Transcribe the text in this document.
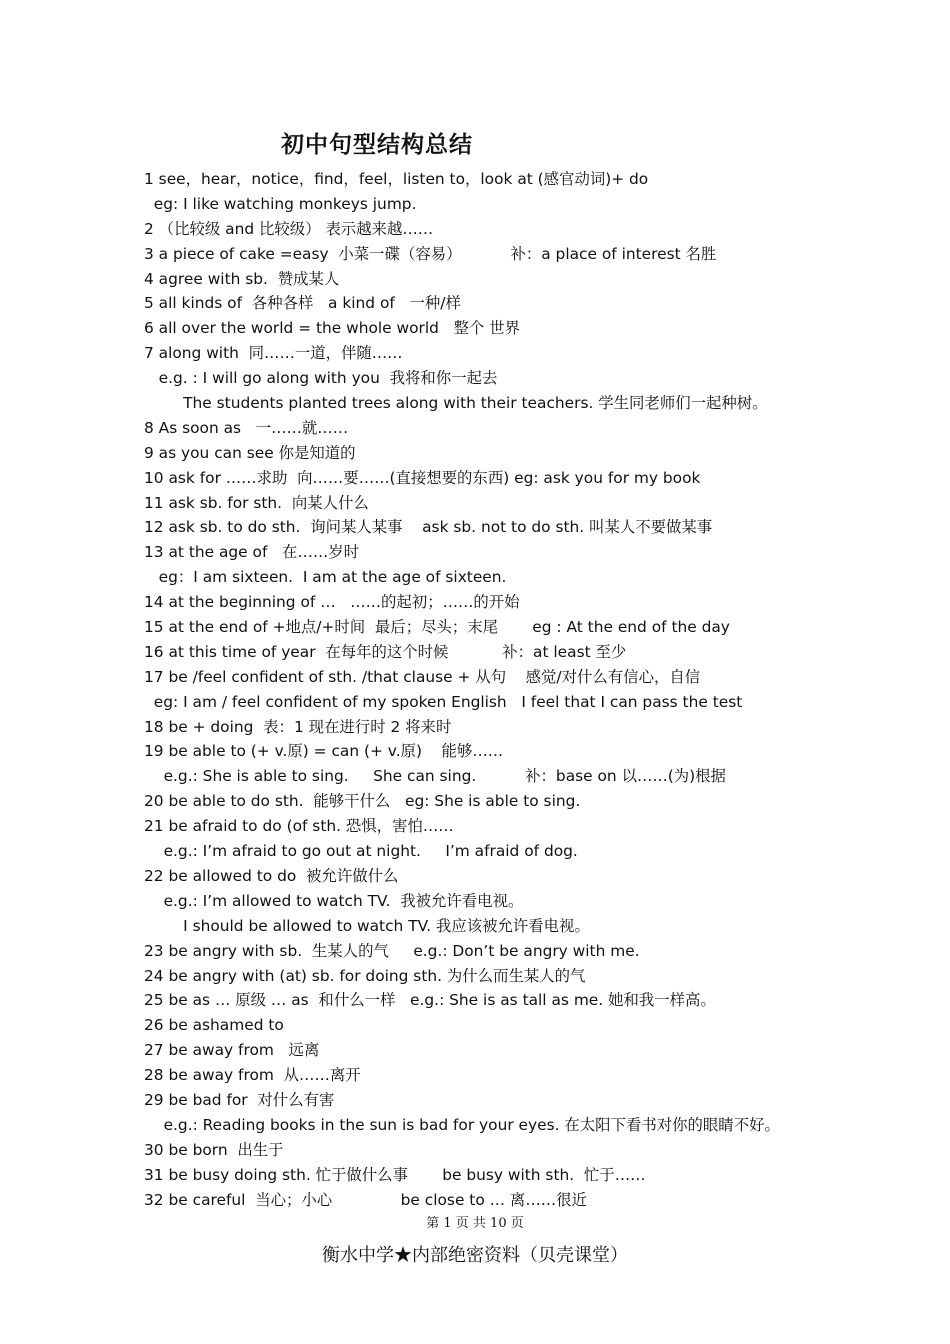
初中句型结构总结
1 see，hear，notice，find，feel，listen to，look at (感官动词)+ do
eg: I like watching monkeys jump.
2 （比较级 and 比较级） 表示越来越……
3 a piece of cake =easy  小菜一碟（容易）          补：a place of interest 名胜
4 agree with sb.  赞成某人
5 all kinds of  各种各样   a kind of   一种/样
6 all over the world = the whole world   整个 世界
7 along with  同……一道，伴随……
e.g. : I will go along with you  我将和你一起去
The students planted trees along with their teachers. 学生同老师们一起种树。
8 As soon as   一……就……
9 as you can see 你是知道的
10 ask for ……求助  向……要……(直接想要的东西) eg: ask you for my book
11 ask sb. for sth.  向某人什么
12 ask sb. to do sth.  询问某人某事    ask sb. not to do sth. 叫某人不要做某事
13 at the age of   在……岁时
eg：I am sixteen.  I am at the age of sixteen.
14 at the beginning of …   ……的起初；……的开始
15 at the end of +地点/+时间  最后；尽头；末尾       eg : At the end of the day
16 at this time of year  在每年的这个时候           补：at least 至少
17 be /feel confident of sth. /that clause + 从句    感觉/对什么有信心，自信
eg: I am / feel confident of my spoken English   I feel that I can pass the test
18 be + doing  表：1 现在进行时 2 将来时
19 be able to (+ v.原) = can (+ v.原)    能够……
e.g.: She is able to sing.     She can sing.          补：base on 以……(为)根据
20 be able to do sth.  能够干什么   eg: She is able to sing.
21 be afraid to do (of sth. 恐惧，害怕……
e.g.: I’m afraid to go out at night.     I’m afraid of dog.
22 be allowed to do  被允许做什么
e.g.: I’m allowed to watch TV.  我被允许看电视。
I should be allowed to watch TV. 我应该被允许看电视。
23 be angry with sb.  生某人的气     e.g.: Don’t be angry with me.
24 be angry with (at) sb. for doing sth. 为什么而生某人的气
25 be as … 原级 … as  和什么一样   e.g.: She is as tall as me. 她和我一样高。
26 be ashamed to
27 be away from   远离
28 be away from  从……离开
29 be bad for  对什么有害
e.g.: Reading books in the sun is bad for your eyes. 在太阳下看书对你的眼睛不好。
30 be born  出生于
31 be busy doing sth. 忙于做什么事       be busy with sth.  忙于……
32 be careful  当心；小心              be close to … 离……很近
第 1 页 共 10 页
衡水中学★内部绝密资料（贝壳课堂）
